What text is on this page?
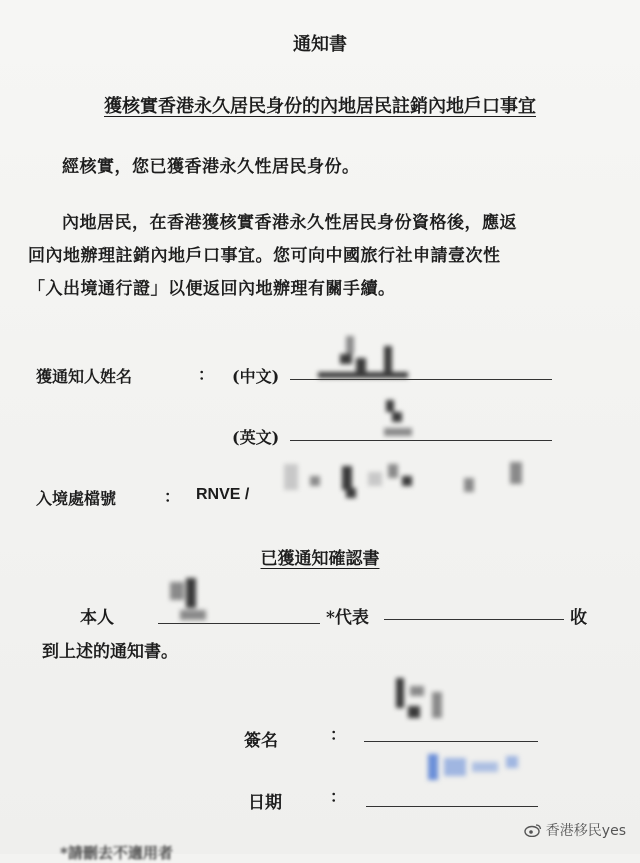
通知書
獲核實香港永久居民身份的內地居民註銷內地戶口事宜
經核實，您已獲香港永久性居民身份。
內地居民，在香港獲核實香港永久性居民身份資格後，應返
回內地辦理註銷內地戶口事宜。您可向中國旅行社申請壹次性
「入出境通行證」以便返回內地辦理有關手續。
獲通知人姓名	： (中文)
(英文)
入境處檔號	： RNVE /
已獲通知確認書
本人	*代表	收
到上述的通知書。
簽名	：
日期	：
*請刪去不適用者
香港移民yes
